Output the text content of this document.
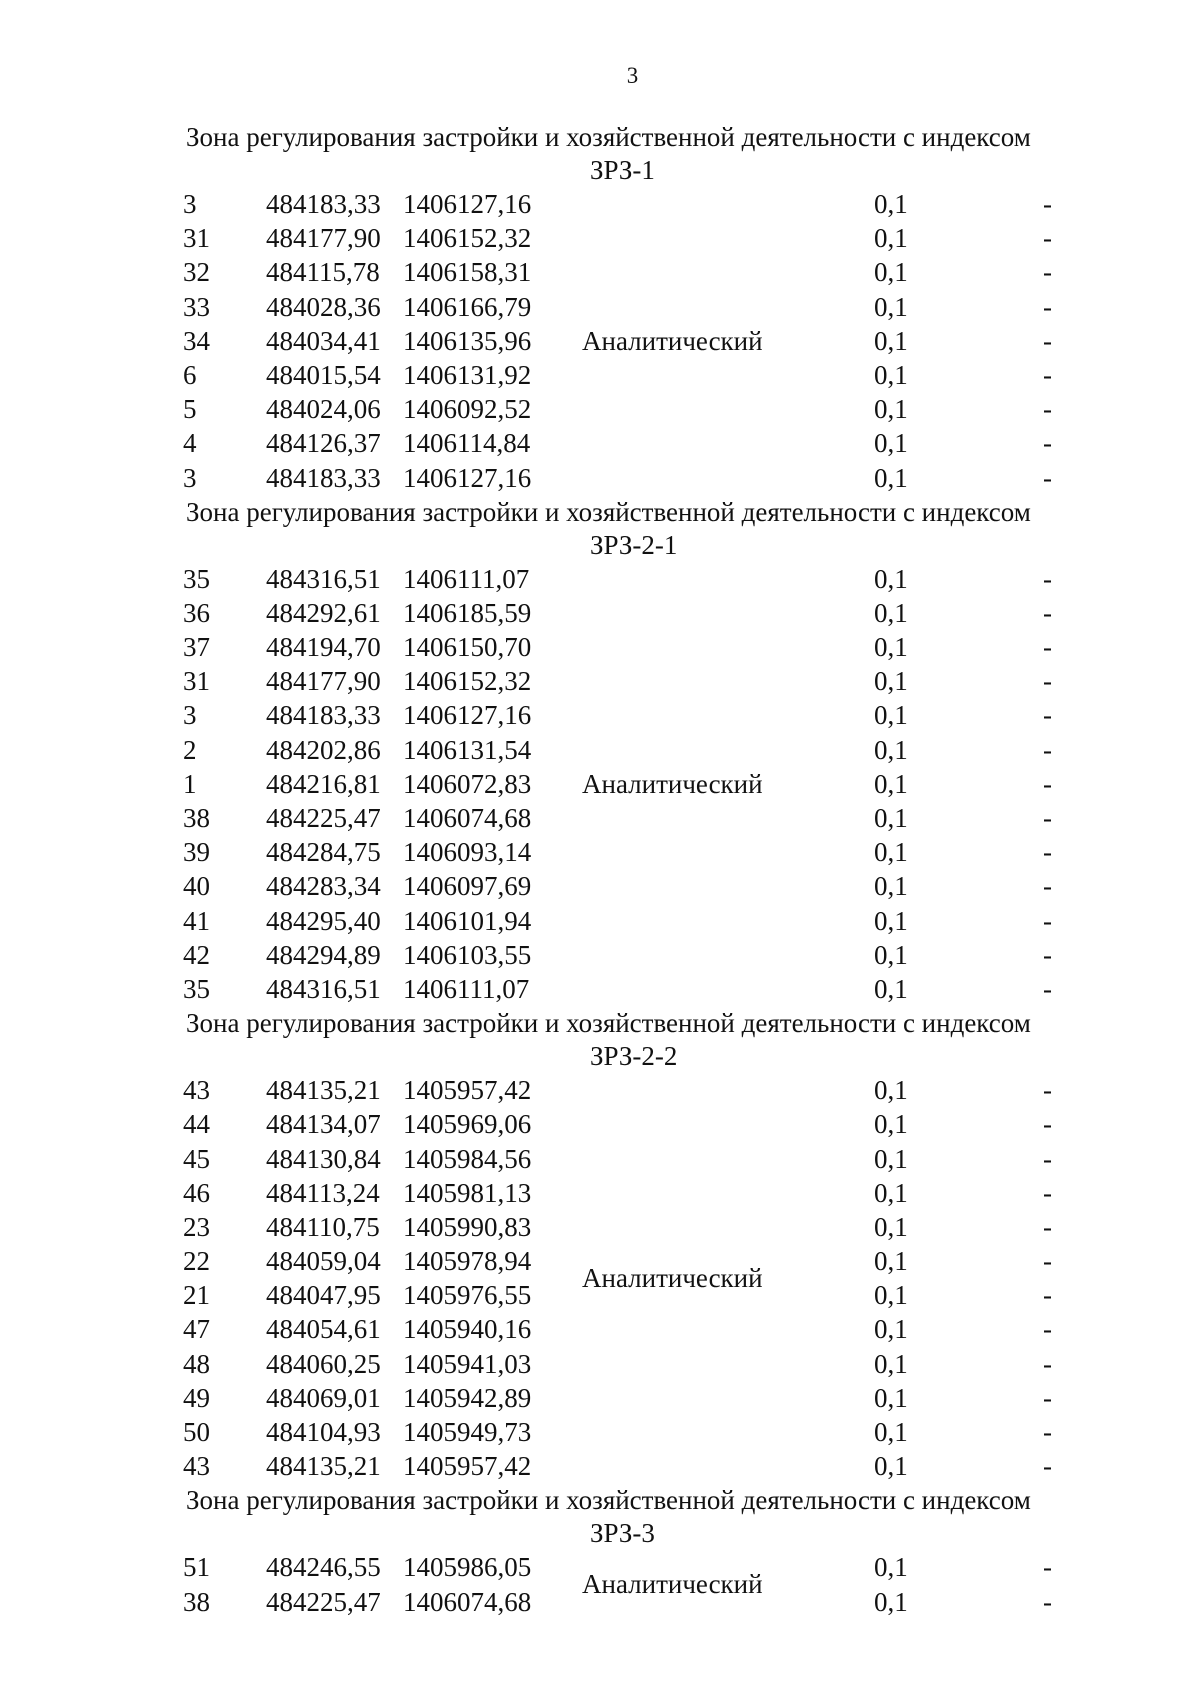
3
Зона регулирования застройки и хозяйственной деятельности с индексом
ЗРЗ-1
3	484183,33 1406127,16	0,1	-
31	484177,90 1406152,32	0,1	-
32	484115,78 1406158,31	0,1	-
33	484028,36 1406166,79	0,1	-
34	484034,41 1406135,96	0,1	-
6	484015,54 1406131,92	0,1	-
5	484024,06 1406092,52	0,1	-
4	484126,37 1406114,84	0,1	-
3	484183,33 1406127,16	0,1	-
Аналитический
Зона регулирования застройки и хозяйственной деятельности с индексом
ЗРЗ-2-1
35	484316,51 1406111,07	0,1	-
36	484292,61 1406185,59	0,1	-
37	484194,70 1406150,70	0,1	-
31	484177,90 1406152,32	0,1	-
3	484183,33 1406127,16	0,1	-
2	484202,86 1406131,54	0,1	-
1	484216,81 1406072,83	0,1	-
38	484225,47 1406074,68	0,1	-
39	484284,75 1406093,14	0,1	-
40	484283,34 1406097,69	0,1	-
41	484295,40 1406101,94	0,1	-
42	484294,89 1406103,55	0,1	-
35	484316,51 1406111,07	0,1	-
Аналитический
Зона регулирования застройки и хозяйственной деятельности с индексом
ЗРЗ-2-2
43	484135,21 1405957,42	0,1	-
44	484134,07 1405969,06	0,1	-
45	484130,84 1405984,56	0,1	-
46	484113,24 1405981,13	0,1	-
23	484110,75 1405990,83	0,1	-
22	484059,04 1405978,94	0,1	-
21	484047,95 1405976,55	0,1	-
47	484054,61 1405940,16	0,1	-
48	484060,25 1405941,03	0,1	-
49	484069,01 1405942,89	0,1	-
50	484104,93 1405949,73	0,1	-
43	484135,21 1405957,42	0,1	-
Аналитический
Зона регулирования застройки и хозяйственной деятельности с индексом
ЗРЗ-3
51	484246,55 1405986,05	0,1	-
38	484225,47 1406074,68	0,1	-
Аналитический
